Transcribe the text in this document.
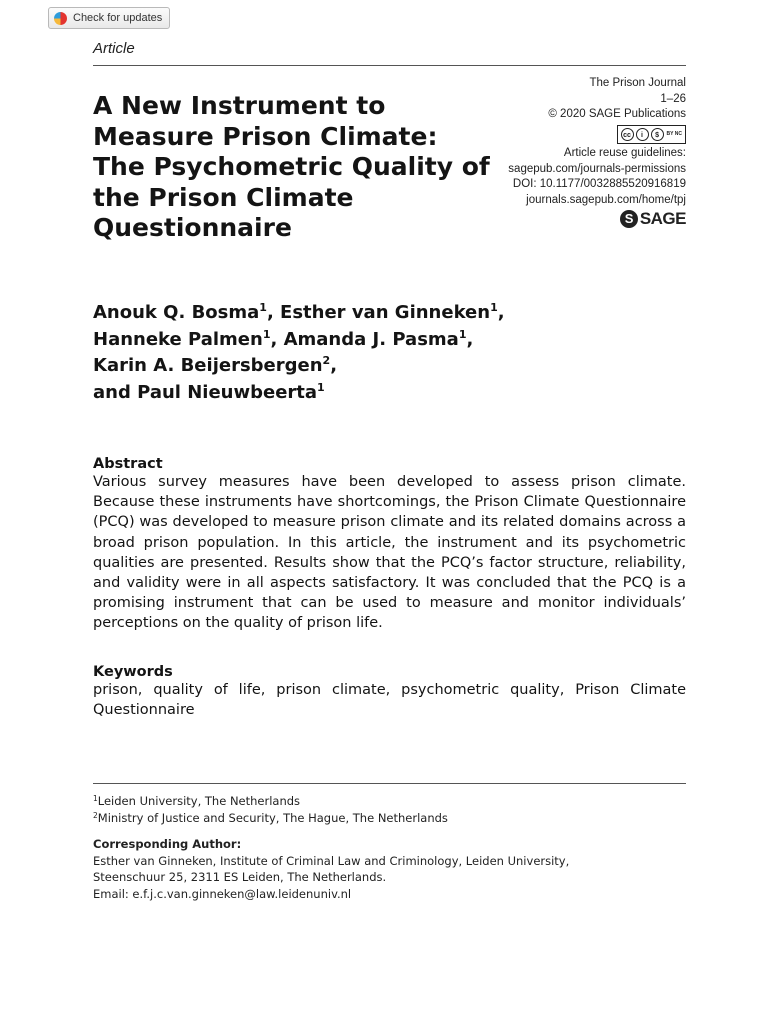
Check for updates
Article
A New Instrument to Measure Prison Climate: The Psychometric Quality of the Prison Climate Questionnaire
The Prison Journal
1–26
© 2020 SAGE Publications
cc	i	$	BY NC
Article reuse guidelines:
sagepub.com/journals-permissions
DOI: 10.1177/0032885520916819
journals.sagepub.com/home/tpj
S SAGE
Anouk Q. Bosma$^1$, Esther van Ginneken$^1$,
Hanneke Palmen$^1$, Amanda J. Pasma$^1$,
Karin A. Beijersbergen$^2$,
and Paul Nieuwbeerta$^1$
Abstract

Various survey measures have been developed to assess prison climate. Because these instruments have shortcomings, the Prison Climate Questionnaire (PCQ) was developed to measure prison climate and its related domains across a broad prison population. In this article, the instrument and its psychometric qualities are presented. Results show that the PCQ’s factor structure, reliability, and validity were in all aspects satisfactory. It was concluded that the PCQ is a promising instrument that can be used to measure and monitor individuals’ perceptions on the quality of prison life.

Keywords

prison, quality of life, prison climate, psychometric quality, Prison Climate Questionnaire

$^1$Leiden University, The Netherlands
$^2$Ministry of Justice and Security, The Hague, The Netherlands
Corresponding Author:
Esther van Ginneken, Institute of Criminal Law and Criminology, Leiden University,
Steenschuur 25, 2311 ES Leiden, The Netherlands.
Email: e.f.j.c.van.ginneken@law.leidenuniv.nl
